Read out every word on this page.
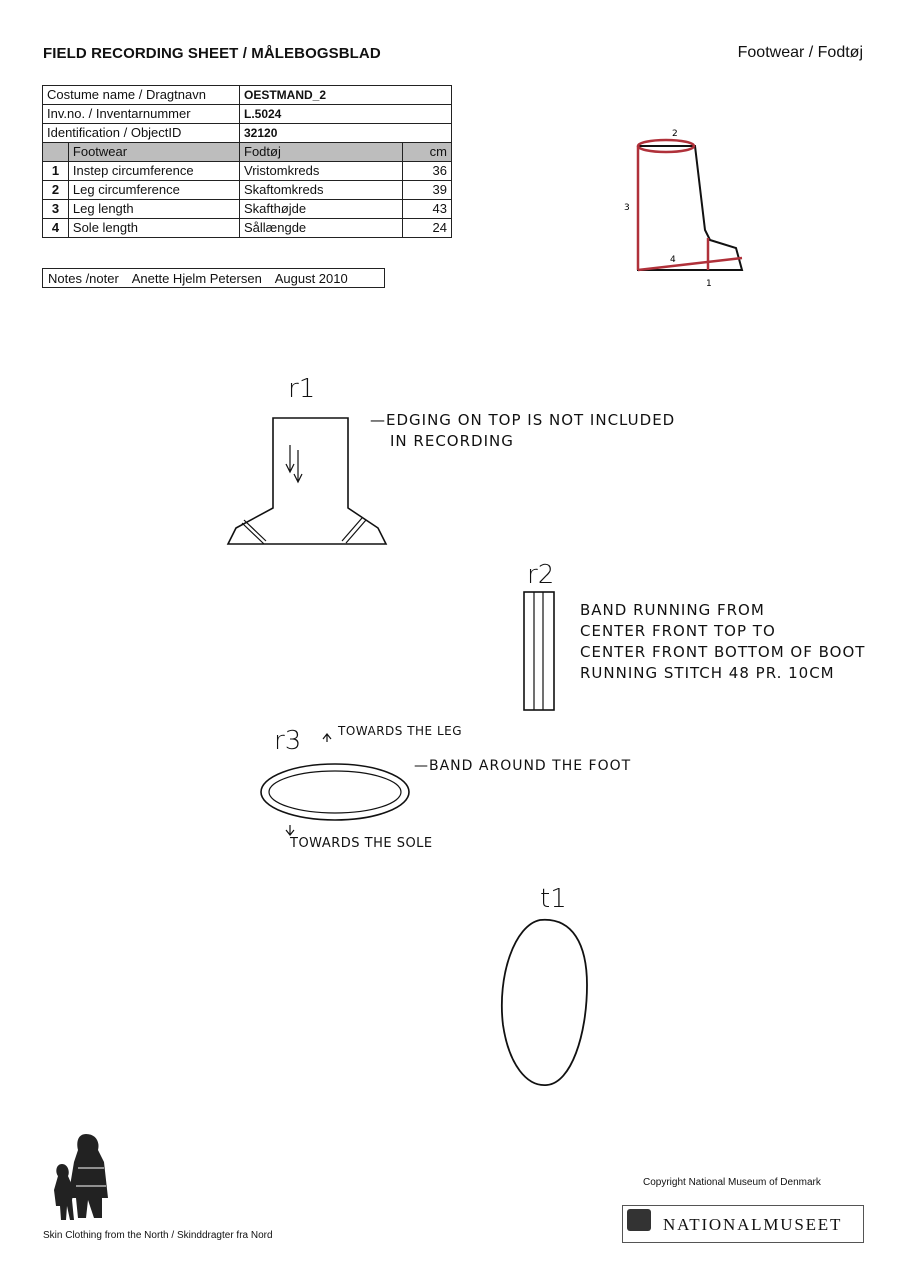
FIELD RECORDING SHEET / MÅLEBOGSBLAD	Footwear / Fodtøj
Costume name / Dragtnavn		OESTMAND_2	
Inv.no. / Inventarnummer		L.5024	
Identification / ObjectID		32120	
	Footwear	Fodtøj	cm
1	Instep circumference	Vristomkreds	36
2	Leg circumference	Skaftomkreds	39
3	Leg length	Skafthøjde	43
4	Sole length	Sållængde	24
Notes /noter Anette Hjelm Petersen August 2010
2
3
4
1
r1
—EDGING ON TOP IS NOT INCLUDED
IN RECORDING
r2
BAND RUNNING FROM
CENTER FRONT TOP TO
CENTER FRONT BOTTOM OF BOOT
RUNNING STITCH 48 PR. 10CM
r3	TOWARDS THE LEG
—BAND AROUND THE FOOT
TOWARDS THE SOLE
t1
Skin Clothing from the North / Skinddragter fra Nord
Copyright National Museum of Denmark
NATIONALMUSEET
